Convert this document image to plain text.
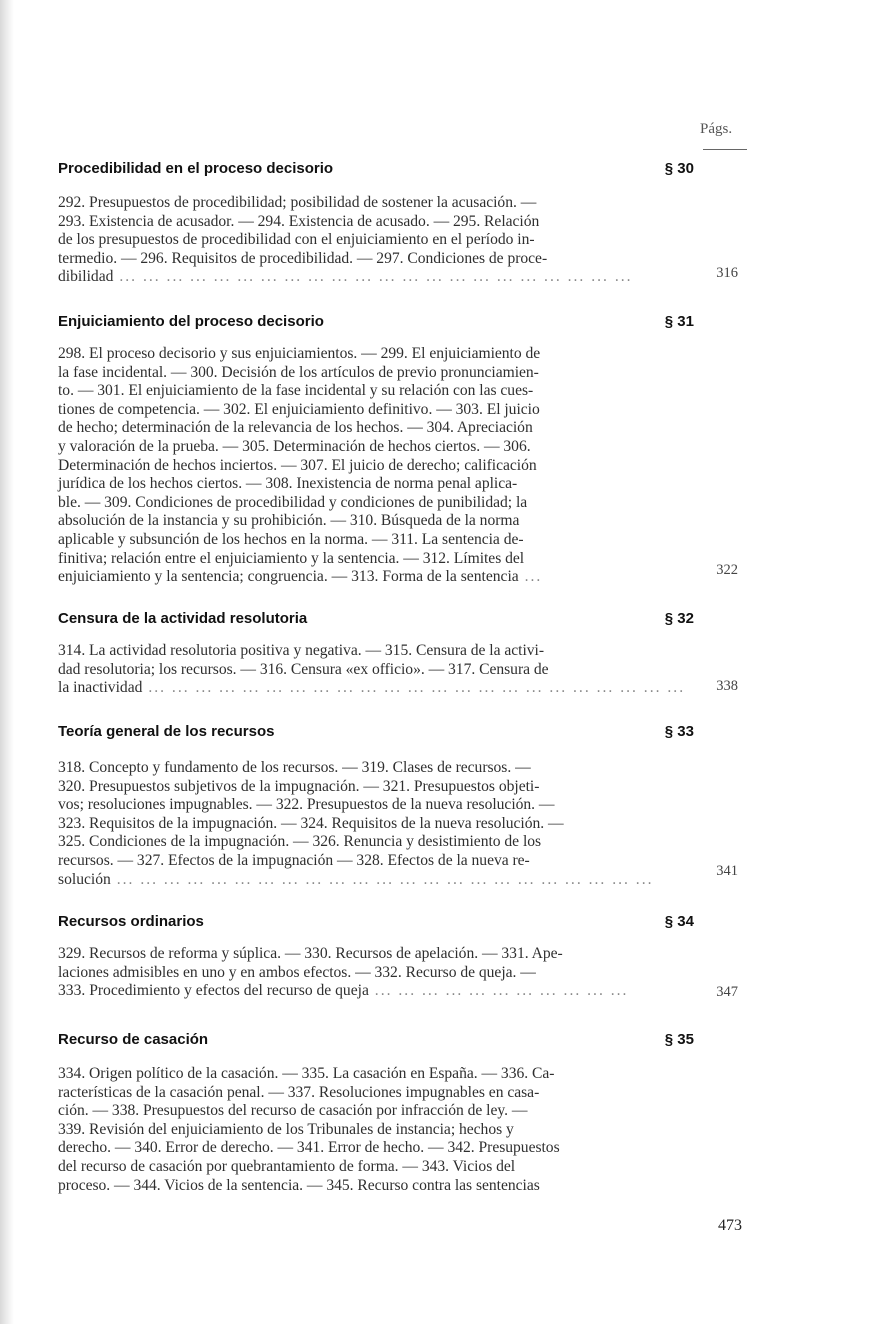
Págs.
Procedibilidad en el proceso decisorio	§ 30
292. Presupuestos de procedibilidad; posibilidad de sostener la acusación. —
293. Existencia de acusador. — 294. Existencia de acusado. — 295. Relación
de los presupuestos de procedibilidad con el enjuiciamiento en el período in-
termedio. — 296. Requisitos de procedibilidad. — 297. Condiciones de proce-
dibilidad ... ... ... ... ... ... ... ... ... ... ... ... ... ... ... ... ... ... ... ... ... ...	316
Enjuiciamiento del proceso decisorio	§ 31
298. El proceso decisorio y sus enjuiciamientos. — 299. El enjuiciamiento de
la fase incidental. — 300. Decisión de los artículos de previo pronunciamien-
to. — 301. El enjuiciamiento de la fase incidental y su relación con las cues-
tiones de competencia. — 302. El enjuiciamiento definitivo. — 303. El juicio
de hecho; determinación de la relevancia de los hechos. — 304. Apreciación
y valoración de la prueba. — 305. Determinación de hechos ciertos. — 306.
Determinación de hechos inciertos. — 307. El juicio de derecho; calificación
jurídica de los hechos ciertos. — 308. Inexistencia de norma penal aplica-
ble. — 309. Condiciones de procedibilidad y condiciones de punibilidad; la
absolución de la instancia y su prohibición. — 310. Búsqueda de la norma
aplicable y subsunción de los hechos en la norma. — 311. La sentencia de-
finitiva; relación entre el enjuiciamiento y la sentencia. — 312. Límites del
enjuiciamiento y la sentencia; congruencia. — 313. Forma de la sentencia ...	322
Censura de la actividad resolutoria	§ 32
314. La actividad resolutoria positiva y negativa. — 315. Censura de la activi-
dad resolutoria; los recursos. — 316. Censura «ex officio». — 317. Censura de
la inactividad ... ... ... ... ... ... ... ... ... ... ... ... ... ... ... ... ... ... ... ... ... ... ...	338
Teoría general de los recursos	§ 33
318. Concepto y fundamento de los recursos. — 319. Clases de recursos. —
320. Presupuestos subjetivos de la impugnación. — 321. Presupuestos objeti-
vos; resoluciones impugnables. — 322. Presupuestos de la nueva resolución. —
323. Requisitos de la impugnación. — 324. Requisitos de la nueva resolución. —
325. Condiciones de la impugnación. — 326. Renuncia y desistimiento de los
recursos. — 327. Efectos de la impugnación — 328. Efectos de la nueva re-
solución ... ... ... ... ... ... ... ... ... ... ... ... ... ... ... ... ... ... ... ... ... ... ...	341
Recursos ordinarios	§ 34
329. Recursos de reforma y súplica. — 330. Recursos de apelación. — 331. Ape-
laciones admisibles en uno y en ambos efectos. — 332. Recurso de queja. —
333. Procedimiento y efectos del recurso de queja ... ... ... ... ... ... ... ... ... ... ...	347
Recurso de casación	§ 35
334. Origen político de la casación. — 335. La casación en España. — 336. Ca-
racterísticas de la casación penal. — 337. Resoluciones impugnables en casa-
ción. — 338. Presupuestos del recurso de casación por infracción de ley. —
339. Revisión del enjuiciamiento de los Tribunales de instancia; hechos y
derecho. — 340. Error de derecho. — 341. Error de hecho. — 342. Presupuestos
del recurso de casación por quebrantamiento de forma. — 343. Vicios del
proceso. — 344. Vicios de la sentencia. — 345. Recurso contra las sentencias
473
